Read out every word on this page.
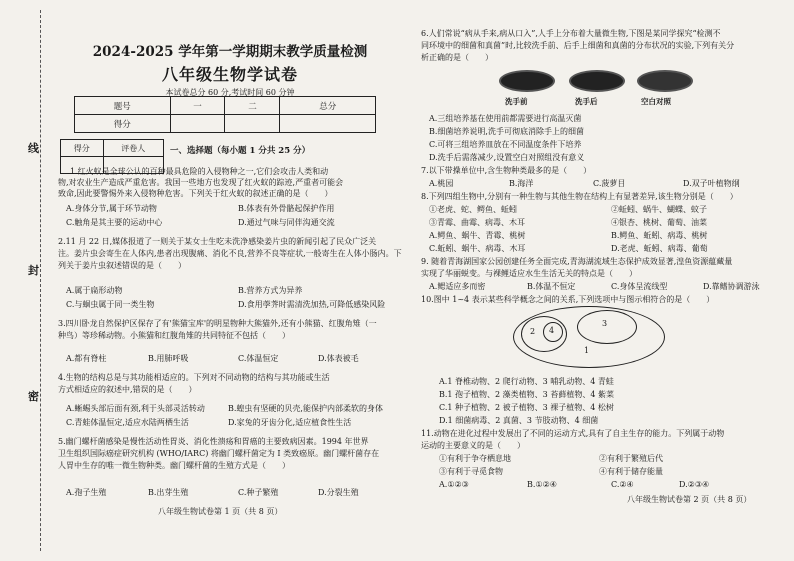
线
封
密
2024-2025 学年第一学期期末教学质量检测
八年级生物学试卷
本试卷总分 60 分,考试时间 60 分钟
题号	一	二	总分
得分			
得分	评卷人
		一、选择题（每小题 1 分共 25 分）
1.红火蚁是全球公认的百种最具危险的入侵物种之一,它们会攻击人类和动
物,对农业生产造成严重危害。我国一些地方也发现了红火蚁的踪迹,严重者可能会
致命,因此要警惕外来入侵物种危害。下列关于红火蚁的叙述正确的是（　　）
A.身体分节,属于环节动物	B.体表有外骨骼起保护作用
C.触角是其主要的运动中心	D.通过气味与同伴沟通交流
2.11 月 22 日,媒体报道了一则关于某女士生吃未洗净感染姜片虫的新闻引起了民众广泛关
注。姜片虫会寄生在人体内,患者出现腹痛、消化不良,营养不良等症状,一般寄生在人体小肠内。下
列关于姜片虫叙述错误的是（　　）
A.属于扁形动物	B.营养方式为异养
C.与蛔虫属于同一类生物	D.食用荸荠时需清洗加热,可降低感染风险
3.四川卧龙自然保护区保存了有'熊猫宝库'的明星物种大熊猫外,还有小熊猫、红腹角雉（一
种鸟）等珍稀动物。小熊猫和红腹角雉的共同特征不包括（　　）
A.都有脊柱	B.用肺呼吸	C.体温恒定	D.体表被毛
4.生物的结构总是与其功能相适应的。下列对不同动物的结构与其功能或生活
方式相适应的叙述中,错误的是（　　）
A.蜥蜴头部后面有颈,利于头部灵活转动	B.蝗虫有坚硬的贝壳,能保护内部柔软的身体
C.青蛙体温恒定,适应水陆两栖生活	D.家兔的牙齿分化,适应植食性生活
5.幽门螺杆菌感染是慢性活动性胃炎、消化性溃疡和胃癌的主要致病因素。1994 年世界
卫生组织国际癌症研究机构 (WHO/IARC) 将幽门螺杆菌定为 I 类致癌原。幽门螺杆菌存在
人胃中生存的唯一微生物种类。幽门螺杆菌的生殖方式是（　　）
A.孢子生殖	B.出芽生殖	C.种子繁殖	D.分裂生殖
八年级生物试卷第 1 页（共 8 页）
6.人们常说“病从手来,病从口入”,人手上分布着大量微生物,下图是某同学探究“检测不
同环境中的细菌和真菌”时,比较洗手前、后手上细菌和真菌的分布状况的实验,下列有关分
析正确的是（　　）
洗手前	洗手后	空白对照
A.三组培养基在使用前都需要进行高温灭菌
B.细菌培养说明,洗手可彻底消除手上的细菌
C.可将三组培养皿放在不同温度条件下培养
D.洗手后需落减少,设置空白对照组没有意义
7.以下带操单位中,含生物种类最多的是（　　）
A.桃园	B.海洋	C.菠萝目	D.双子叶植物纲
8.下列四组生物中,分别有一种生物与其他生物在结构上有显著差异,该生物分别是（　　）
①老虎、蛇、鳄鱼、蚯蚓	②蚯蚓、蜗牛、蝴蝶、蚊子
③青霉、曲霉、病毒、木耳	④银杏、桃树、葡萄、油菜
A.鳄鱼、蜗牛、青霉、桃树	B.鳄鱼、蚯蚓、病毒、桃树
C.蚯蚓、蜗牛、病毒、木耳	D.老虎、蚯蚓、病毒、葡萄
9. 随着青海湖国家公园创建任务全面完成,青海湖流域生态保护成效显著,湟鱼资源蕴藏量
实现了华丽蜕变。与裸鲤适应水生生活无关的特点是（　　）
A.鳃适应多而密	B.体温不恒定	C.身体呈流线型	D.靠鳍协调游泳
10.图中 1~4 表示某些科学概念之间的关系,下列选项中与图示相符合的是（　　）
1
2
3
4
A.1 脊椎动物、2 爬行动物、3 哺乳动物、4 青蛙
B.1 孢子植物、2 藻类植物、3 苔藓植物、4 紫菜
C.1 种子植物、2 被子植物、3 裸子植物、4 松树
D.1 细菌病毒、2 真菌、3 节肢动物、4 细菌
11.动物在进化过程中发展出了不同的运动方式,具有了自主生存的能力。下列属于动物
运动的主要意义的是（　　）
①有利于争夺栖息地	②有利于繁殖后代
③有利于寻觅食物	④有利于储存能量
A.①②③	B.①②④	C.②④	D.②③④
八年级生物试卷第 2 页（共 8 页）
